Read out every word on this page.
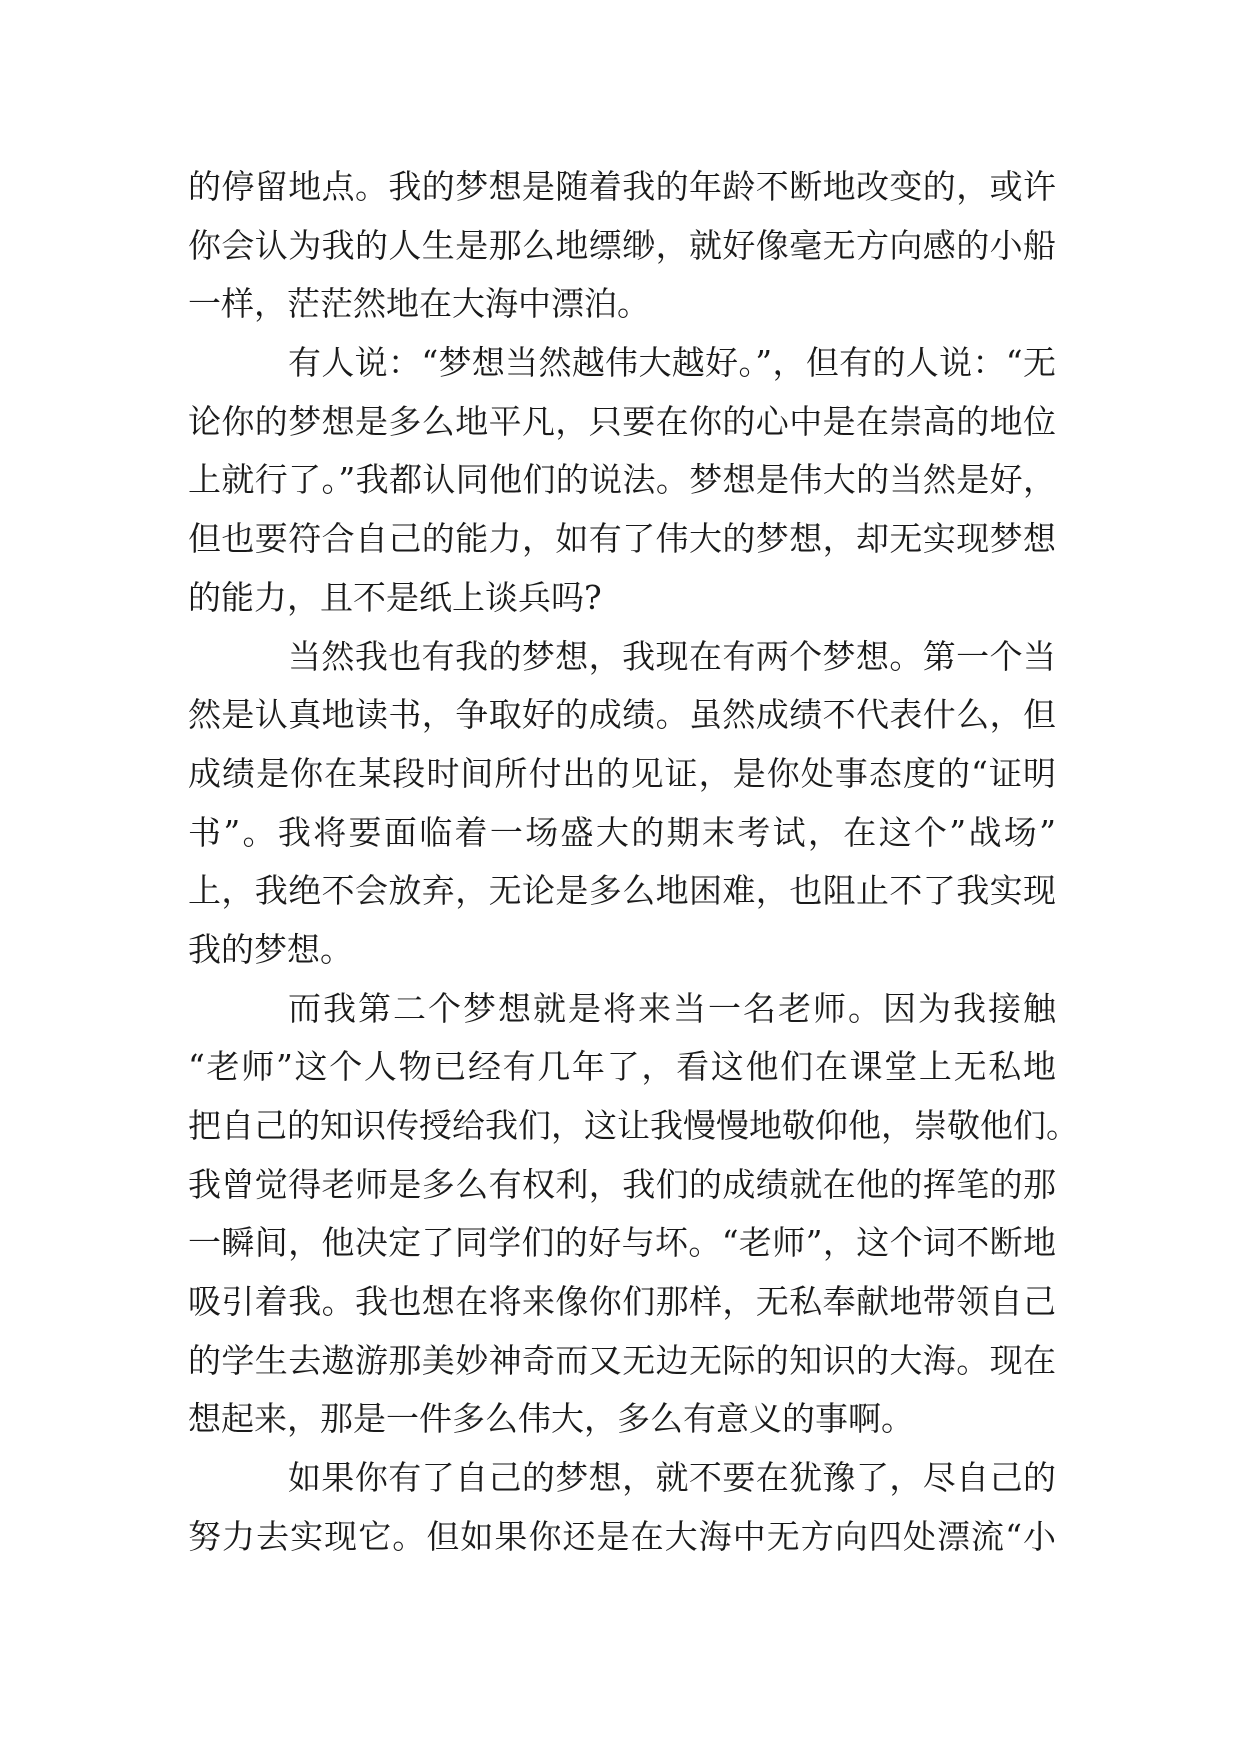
的停留地点。我的梦想是随着我的年龄不断地改变的，或许
你会认为我的人生是那么地缥缈，就好像毫无方向感的小船
一样，茫茫然地在大海中漂泊。
有人说：“梦想当然越伟大越好。”，但有的人说：“无
论你的梦想是多么地平凡，只要在你的心中是在崇高的地位
上就行了。”我都认同他们的说法。梦想是伟大的当然是好，
但也要符合自己的能力，如有了伟大的梦想，却无实现梦想
的能力，且不是纸上谈兵吗?
当然我也有我的梦想，我现在有两个梦想。第一个当
然是认真地读书，争取好的成绩。虽然成绩不代表什么，但
成绩是你在某段时间所付出的见证，是你处事态度的“证明
书”。我将要面临着一场盛大的期末考试，在这个”战场”
上，我绝不会放弃，无论是多么地困难，也阻止不了我实现
我的梦想。
而我第二个梦想就是将来当一名老师。因为我接触
“老师”这个人物已经有几年了，看这他们在课堂上无私地
把自己的知识传授给我们，这让我慢慢地敬仰他，崇敬他们。
我曾觉得老师是多么有权利，我们的成绩就在他的挥笔的那
一瞬间，他决定了同学们的好与坏。“老师”，这个词不断地
吸引着我。我也想在将来像你们那样，无私奉献地带领自己
的学生去遨游那美妙神奇而又无边无际的知识的大海。现在
想起来，那是一件多么伟大，多么有意义的事啊。
如果你有了自己的梦想，就不要在犹豫了，尽自己的
努力去实现它。但如果你还是在大海中无方向四处漂流“小
